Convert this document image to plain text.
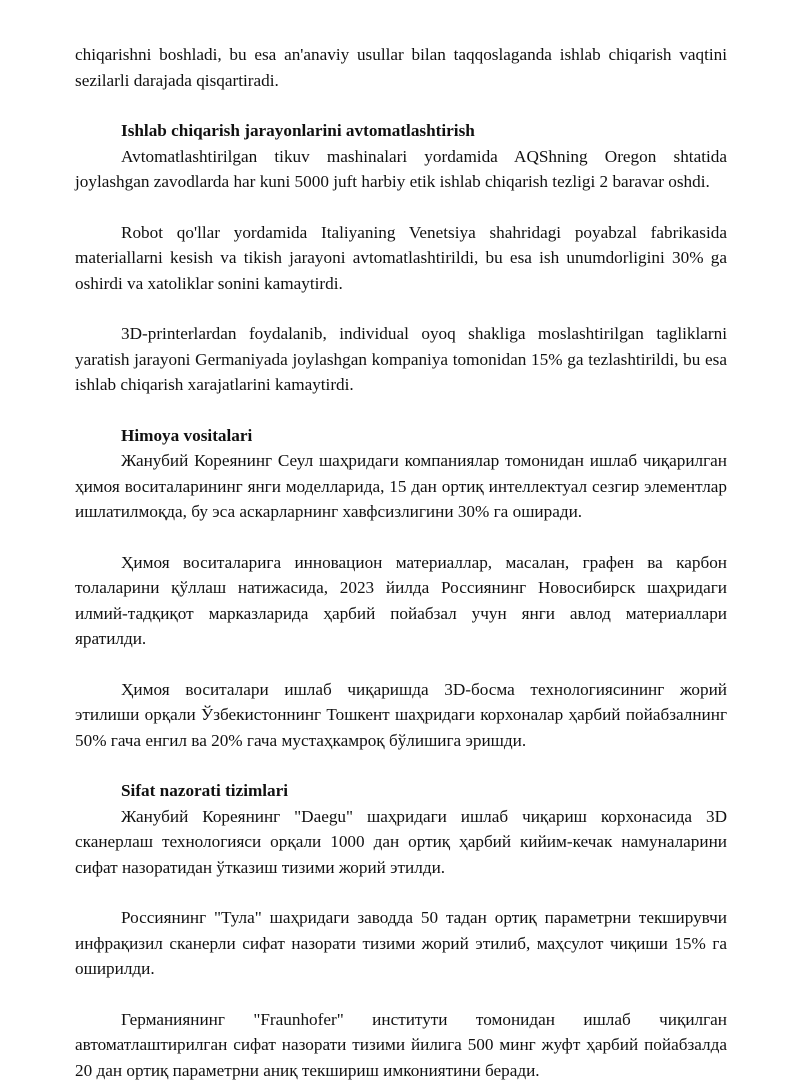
chiqarishni boshladi, bu esa an'anaviy usullar bilan taqqoslaganda ishlab chiqarish vaqtini sezilarli darajada qisqartiradi.

Ishlab chiqarish jarayonlarini avtomatlashtirish

Avtomatlashtirilgan tikuv mashinalari yordamida AQShning Oregon shtatida joylashgan zavodlarda har kuni 5000 juft harbiy etik ishlab chiqarish tezligi 2 baravar oshdi.

Robot qo'llar yordamida Italiyaning Venetsiya shahridagi poyabzal fabrikasida materiallarni kesish va tikish jarayoni avtomatlashtirildi, bu esa ish unumdorligini 30% ga oshirdi va xatoliklar sonini kamaytirdi.

3D-printerlardan foydalanib, individual oyoq shakliga moslashtirilgan tagliklarni yaratish jarayoni Germaniyada joylashgan kompaniya tomonidan 15% ga tezlashtirildi, bu esa ishlab chiqarish xarajatlarini kamaytirdi.

Himoya vositalari

Жанубий Кореянинг Сеул шаҳридаги компаниялар томонидан ишлаб чиқарилган ҳимоя воситаларининг янги моделларида, 15 дан ортиқ интеллектуал сезгир элементлар ишлатилмоқда, бу эса аскарларнинг хавфсизлигини 30% га оширади.

Ҳимоя воситаларига инновацион материаллар, масалан, графен ва карбон толаларини қўллаш натижасида, 2023 йилда Россиянинг Новосибирск шаҳридаги илмий-тадқиқот марказларида ҳарбий пойабзал учун янги авлод материаллари яратилди.

Ҳимоя воситалари ишлаб чиқаришда 3D-босма технологиясининг жорий этилиши орқали Ўзбекистоннинг Тошкент шаҳридаги корхоналар ҳарбий пойабзалнинг 50% гача енгил ва 20% гача мустаҳкамроқ бўлишига эришди.

Sifat nazorati tizimlari

Жанубий Кореянинг "Daegu" шаҳридаги ишлаб чиқариш корхонасида 3D сканерлаш технологияси орқали 1000 дан ортиқ ҳарбий кийим-кечак намуналарини сифат назоратидан ўтказиш тизими жорий этилди.

Россиянинг "Тула" шаҳридаги заводда 50 тадан ортиқ параметрни текширувчи инфрақизил сканерли сифат назорати тизими жорий этилиб, маҳсулот чиқиши 15% га оширилди.

Германиянинг "Fraunhofer" институти томонидан ишлаб чиқилган автоматлаштирилган сифат назорати тизими йилига 500 минг жуфт ҳарбий пойабзалда 20 дан ортиқ параметрни аниқ текшириш имкониятини беради.
